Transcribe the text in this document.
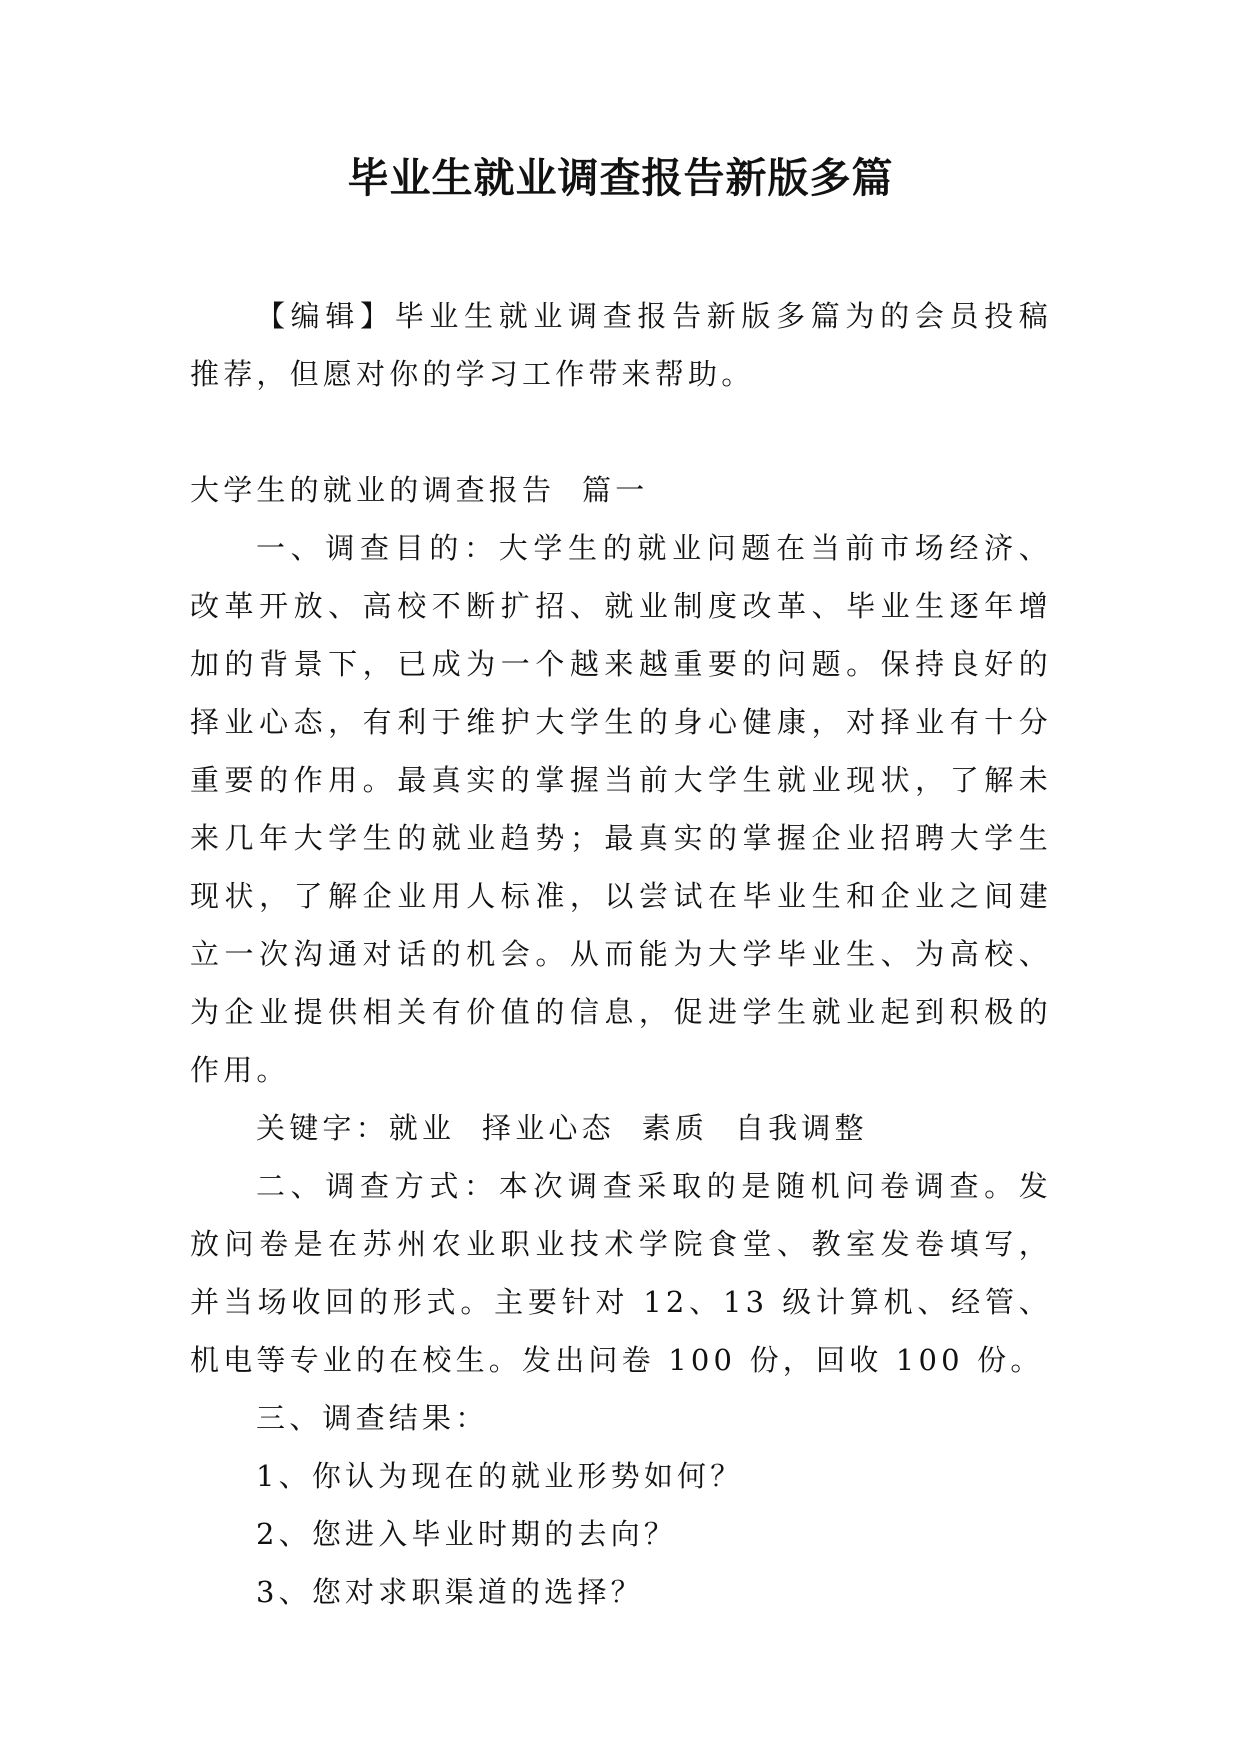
毕业生就业调查报告新版多篇

【编辑】毕业生就业调查报告新版多篇为的会员投稿推荐，但愿对你的学习工作带来帮助。

大学生的就业的调查报告  篇一

一、调查目的：大学生的就业问题在当前市场经济、改革开放、高校不断扩招、就业制度改革、毕业生逐年增加的背景下，已成为一个越来越重要的问题。保持良好的择业心态，有利于维护大学生的身心健康，对择业有十分重要的作用。最真实的掌握当前大学生就业现状，了解未来几年大学生的就业趋势；最真实的掌握企业招聘大学生现状，了解企业用人标准，以尝试在毕业生和企业之间建立一次沟通对话的机会。从而能为大学毕业生、为高校、为企业提供相关有价值的信息，促进学生就业起到积极的作用。

关键字：就业  择业心态  素质  自我调整

二、调查方式：本次调查采取的是随机问卷调查。发放问卷是在苏州农业职业技术学院食堂、教室发卷填写，并当场收回的形式。主要针对 12、13 级计算机、经管、机电等专业的在校生。发出问卷 100 份，回收 100 份。

三、调查结果：

1、你认为现在的就业形势如何？

2、您进入毕业时期的去向？

3、您对求职渠道的选择？
